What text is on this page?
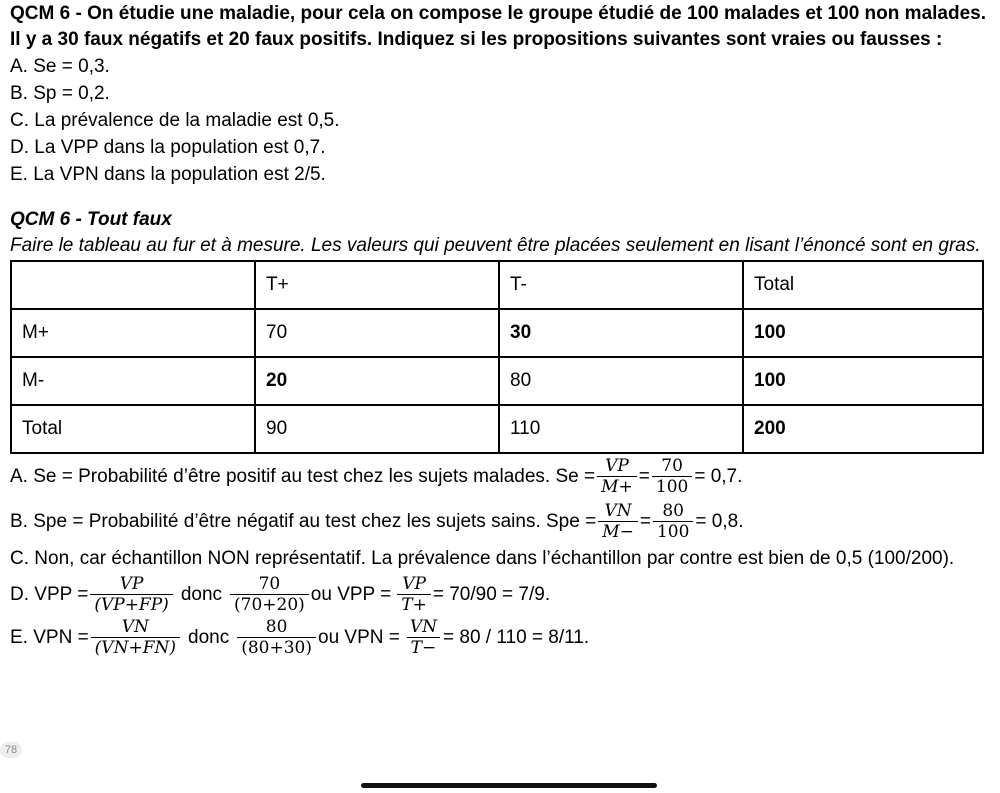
QCM 6 - On étudie une maladie, pour cela on compose le groupe étudié de 100 malades et 100 non malades. Il y a 30 faux négatifs et 20 faux positifs. Indiquez si les propositions suivantes sont vraies ou fausses :
A. Se = 0,3.
B. Sp = 0,2.
C. La prévalence de la maladie est 0,5.
D. La VPP dans la population est 0,7.
E. La VPN dans la population est 2/5.
QCM 6 - Tout faux
Faire le tableau au fur et à mesure. Les valeurs qui peuvent être placées seulement en lisant l’énoncé sont en gras.
	T+	T-	Total
M+	70	30	100
M-	20	80	100
Total	90	110	200
A. Se = Probabilité d’être positif au test chez les sujets malades. $Se = \frac{VP}{M+} = \frac{70}{100} = 0,7$.
B. Spe = Probabilité d’être négatif au test chez les sujets sains. Spe = $\frac{VN}{M-} = \frac{80}{100} = 0,8$.
C. Non, car échantillon NON représentatif. La prévalence dans l’échantillon par contre est bien de 0,5 (100/200).
D. VPP = $\frac{VP}{(VP+FP)}$ donc $\frac{70}{(70+20)}$ ou VPP = $\frac{VP}{T+} = 70/90 = 7/9$.
E. VPN = $\frac{VN}{(VN+FN)}$ donc $\frac{80}{(80+30)}$ ou VPN = $\frac{VN}{T-} = 80 / 110 = 8/11$.
78
